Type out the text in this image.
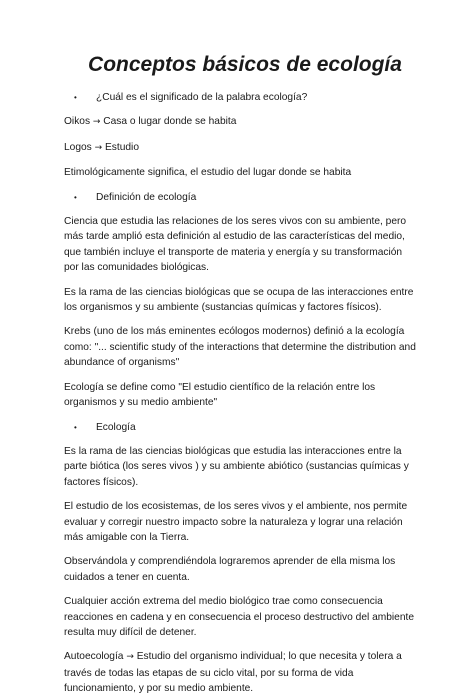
Conceptos básicos de ecología
•	¿Cuál es el significado de la palabra ecología?

Oikos → Casa o lugar donde se habita

Logos → Estudio

Etimológicamente significa, el estudio del lugar donde se habita

•	Definición de ecología

Ciencia que estudia las relaciones de los seres vivos con su ambiente, pero más tarde amplió esta definición al estudio de las características del medio, que también incluye el transporte de materia y energía y su transformación por las comunidades biológicas.

Es la rama de las ciencias biológicas que se ocupa de las interacciones entre los organismos y su ambiente (sustancias químicas y factores físicos).

Krebs (uno de los más eminentes ecólogos modernos) definió a la ecología como: "... scientific study of the interactions that determine the distribution and abundance of organisms"

Ecología se define como "El estudio científico de la relación entre los organismos y su medio ambiente"

•	Ecología

Es la rama de las ciencias biológicas que estudia las interacciones entre la parte biótica (los seres vivos ) y su ambiente abiótico (sustancias químicas y factores físicos).

El estudio de los ecosistemas, de los seres vivos y el ambiente, nos permite evaluar y corregir nuestro impacto sobre la naturaleza y lograr una relación más amigable con la Tierra.

Observándola y comprendiéndola lograremos aprender de ella misma los cuidados a tener en cuenta.

Cualquier acción extrema del medio biológico trae como consecuencia reacciones en cadena y en consecuencia el proceso destructivo del ambiente resulta muy difícil de detener.

Autoecología → Estudio del organismo individual; lo que necesita y tolera a través de todas las etapas de su ciclo vital, por su forma de vida funcionamiento, y por su medio ambiente.
